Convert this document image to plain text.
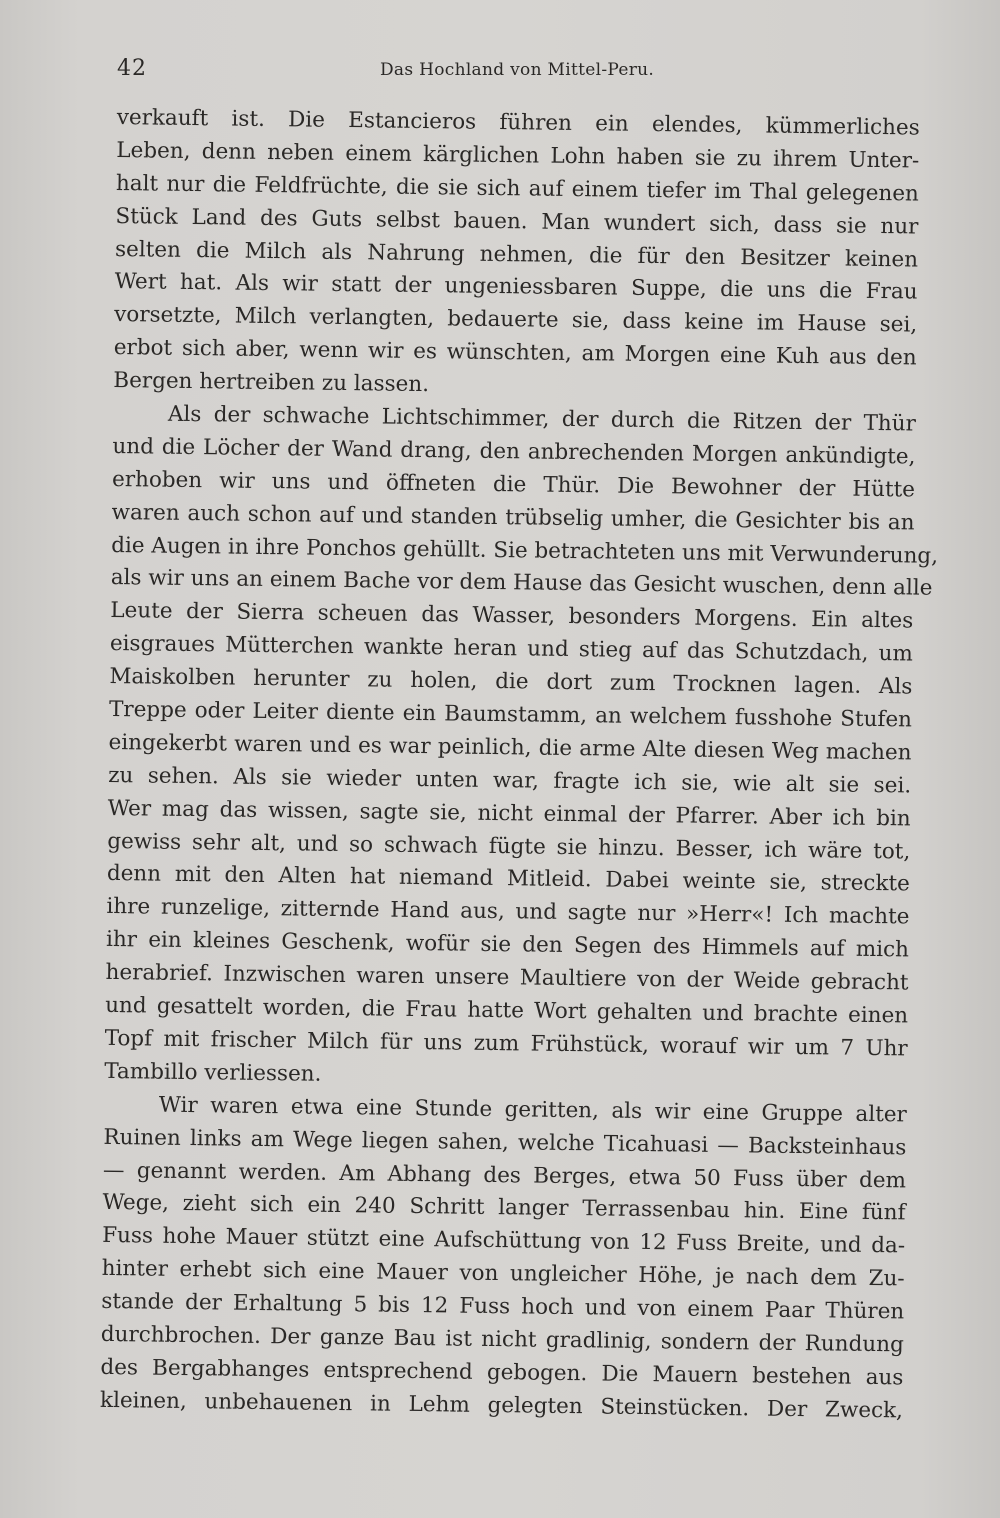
42	Das Hochland von Mittel-Peru.
verkauft ist. Die Estancieros führen ein elendes, kümmerliches
Leben, denn neben einem kärglichen Lohn haben sie zu ihrem Unter-
halt nur die Feldfrüchte, die sie sich auf einem tiefer im Thal gelegenen
Stück Land des Guts selbst bauen. Man wundert sich, dass sie nur
selten die Milch als Nahrung nehmen, die für den Besitzer keinen
Wert hat. Als wir statt der ungeniessbaren Suppe, die uns die Frau
vorsetzte, Milch verlangten, bedauerte sie, dass keine im Hause sei,
erbot sich aber, wenn wir es wünschten, am Morgen eine Kuh aus den
Bergen hertreiben zu lassen.
Als der schwache Lichtschimmer, der durch die Ritzen der Thür
und die Löcher der Wand drang, den anbrechenden Morgen ankündigte,
erhoben wir uns und öffneten die Thür. Die Bewohner der Hütte
waren auch schon auf und standen trübselig umher, die Gesichter bis an
die Augen in ihre Ponchos gehüllt. Sie betrachteten uns mit Verwunderung,
als wir uns an einem Bache vor dem Hause das Gesicht wuschen, denn alle
Leute der Sierra scheuen das Wasser, besonders Morgens. Ein altes
eisgraues Mütterchen wankte heran und stieg auf das Schutzdach, um
Maiskolben herunter zu holen, die dort zum Trocknen lagen. Als
Treppe oder Leiter diente ein Baumstamm, an welchem fusshohe Stufen
eingekerbt waren und es war peinlich, die arme Alte diesen Weg machen
zu sehen. Als sie wieder unten war, fragte ich sie, wie alt sie sei.
Wer mag das wissen, sagte sie, nicht einmal der Pfarrer. Aber ich bin
gewiss sehr alt, und so schwach fügte sie hinzu. Besser, ich wäre tot,
denn mit den Alten hat niemand Mitleid. Dabei weinte sie, streckte
ihre runzelige, zitternde Hand aus, und sagte nur »Herr«! Ich machte
ihr ein kleines Geschenk, wofür sie den Segen des Himmels auf mich
herabrief. Inzwischen waren unsere Maultiere von der Weide gebracht
und gesattelt worden, die Frau hatte Wort gehalten und brachte einen
Topf mit frischer Milch für uns zum Frühstück, worauf wir um 7 Uhr
Tambillo verliessen.
Wir waren etwa eine Stunde geritten, als wir eine Gruppe alter
Ruinen links am Wege liegen sahen, welche Ticahuasi — Backsteinhaus
— genannt werden. Am Abhang des Berges, etwa 50 Fuss über dem
Wege, zieht sich ein 240 Schritt langer Terrassenbau hin. Eine fünf
Fuss hohe Mauer stützt eine Aufschüttung von 12 Fuss Breite, und da-
hinter erhebt sich eine Mauer von ungleicher Höhe, je nach dem Zu-
stande der Erhaltung 5 bis 12 Fuss hoch und von einem Paar Thüren
durchbrochen. Der ganze Bau ist nicht gradlinig, sondern der Rundung
des Bergabhanges entsprechend gebogen. Die Mauern bestehen aus
kleinen, unbehauenen in Lehm gelegten Steinstücken. Der Zweck,
